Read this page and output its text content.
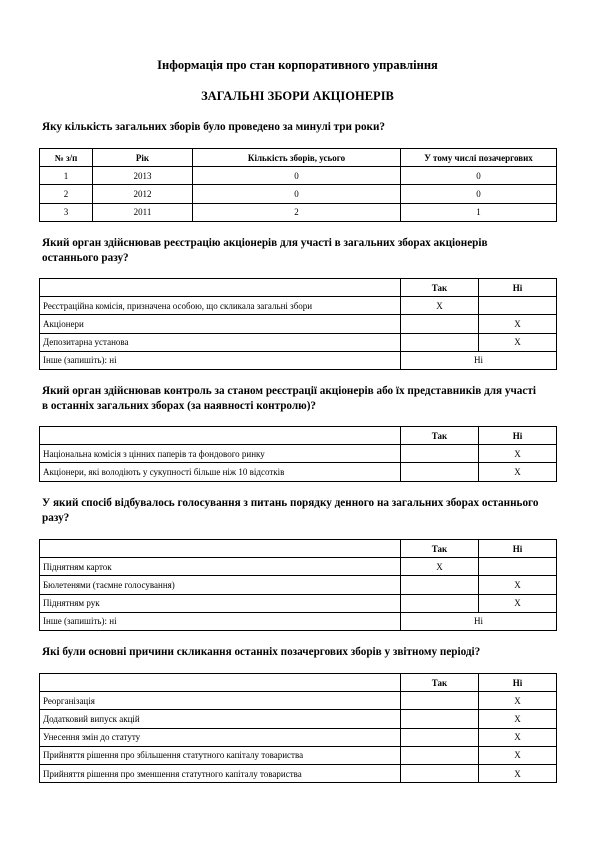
Інформація про стан корпоративного управління
ЗАГАЛЬНІ ЗБОРИ АКЦІОНЕРІВ
Яку кількість загальних зборів було проведено за минулі три роки?
№ з/п	Рік	Кількість зборів, усього	У тому числі позачергових
1	2013	0	0
2	2012	0	0
3	2011	2	1
Який орган здійснював реєстрацію акціонерів для участі в загальних зборах акціонерів останнього разу?
	Так	Ні
Реєстраційна комісія, призначена особою, що скликала загальні збори	X	
Акціонери		X
Депозитарна установа		X
Інше (запишіть): ні	Ні	
Який орган здійснював контроль за станом реєстрації акціонерів або їх представників для участі в останніх загальних зборах (за наявності контролю)?
	Так	Ні
Національна комісія з цінних паперів та фондового ринку		X
Акціонери, які володіють у сукупності більше ніж 10 відсотків		X
У який спосіб відбувалось голосування з питань порядку денного на загальних зборах останнього разу?
	Так	Ні
Піднятням карток	X	
Бюлетенями (таємне голосування)		X
Піднятням рук		X
Інше (запишіть): ні	Ні	
Які були основні причини скликання останніх позачергових зборів у звітному періоді?
	Так	Ні
Реорганізація		X
Додатковий випуск акцій		X
Унесення змін до статуту		X
Прийняття рішення про збільшення статутного капіталу товариства		X
Прийняття рішення про зменшення статутного капіталу товариства		X
